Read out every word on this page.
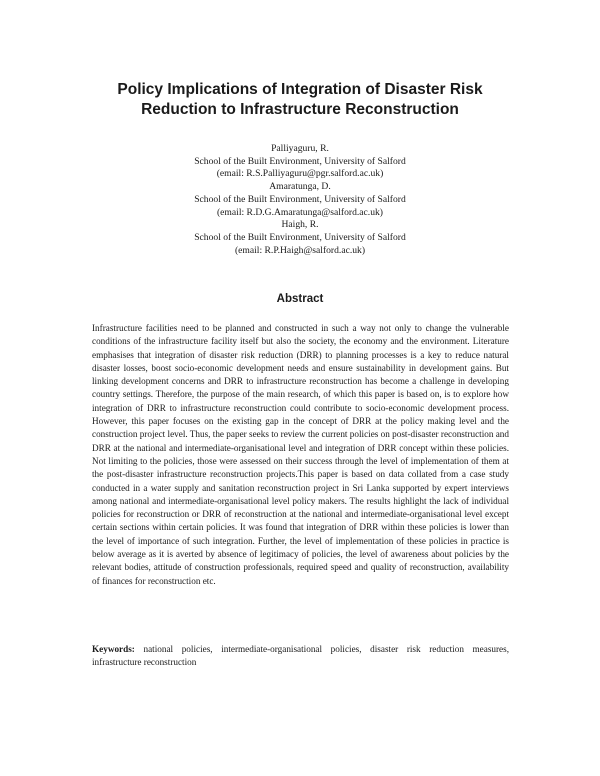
Policy Implications of Integration of Disaster Risk
Reduction to Infrastructure Reconstruction
Palliyaguru, R.
School of the Built Environment, University of Salford
(email: R.S.Palliyaguru@pgr.salford.ac.uk)
Amaratunga, D.
School of the Built Environment, University of Salford
(email: R.D.G.Amaratunga@salford.ac.uk)
Haigh, R.
School of the Built Environment, University of Salford
(email: R.P.Haigh@salford.ac.uk)
Abstract

Infrastructure facilities need to be planned and constructed in such a way not only to change the vulnerable conditions of the infrastructure facility itself but also the society, the economy and the environment. Literature emphasises that integration of disaster risk reduction (DRR) to planning processes is a key to reduce natural disaster losses, boost socio-economic development needs and ensure sustainability in development gains. But linking development concerns and DRR to infrastructure reconstruction has become a challenge in developing country settings. Therefore, the purpose of the main research, of which this paper is based on, is to explore how integration of DRR to infrastructure reconstruction could contribute to socio-economic development process. However, this paper focuses on the existing gap in the concept of DRR at the policy making level and the construction project level. Thus, the paper seeks to review the current policies on post-disaster reconstruction and DRR at the national and intermediate-organisational level and integration of DRR concept within these policies. Not limiting to the policies, those were assessed on their success through the level of implementation of them at the post-disaster infrastructure reconstruction projects.This paper is based on data collated from a case study conducted in a water supply and sanitation reconstruction project in Sri Lanka supported by expert interviews among national and intermediate-organisational level policy makers. The results highlight the lack of individual policies for reconstruction or DRR of reconstruction at the national and intermediate-organisational level except certain sections within certain policies. It was found that integration of DRR within these policies is lower than the level of importance of such integration. Further, the level of implementation of these policies in practice is below average as it is averted by absence of legitimacy of policies, the level of awareness about policies by the relevant bodies, attitude of construction professionals, required speed and quality of reconstruction, availability of finances for reconstruction etc.

Keywords: national policies, intermediate-organisational policies, disaster risk reduction measures, infrastructure reconstruction
